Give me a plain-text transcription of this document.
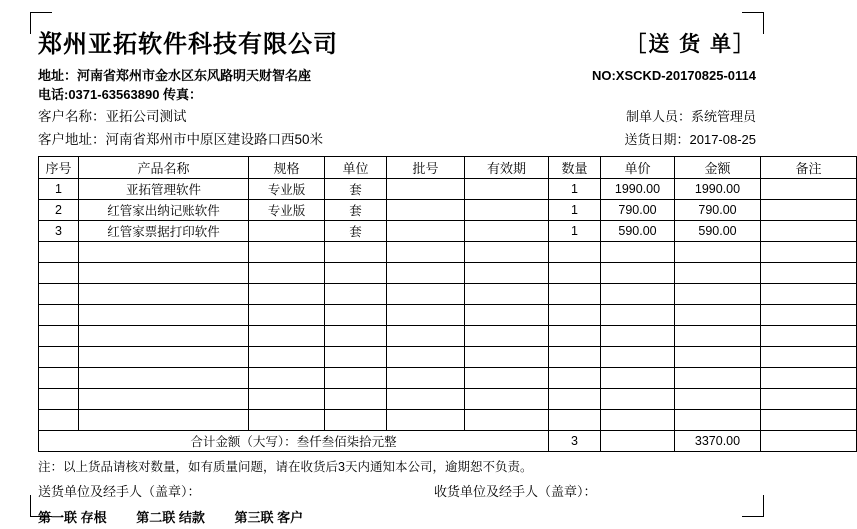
郑州亚拓软件科技有限公司	［送 货 单］
地址：河南省郑州市金水区东风路明天财智名座	NO:XSCKD-20170825-0114
电话:0371-63563890 传真：
客户名称：亚拓公司测试	制单人员：系统管理员
客户地址：河南省郑州市中原区建设路口西50米	送货日期：2017-08-25
序号	产品名称	规格	单位	批号	有效期	数量	单价	金额	备注
1	亚拓管理软件	专业版	套			1	1990.00	1990.00	
2	红管家出纳记账软件	专业版	套			1	790.00	790.00	
3	红管家票据打印软件		套			1	590.00	590.00	

合计金额（大写）：叁仟叁佰柒拾元整						3		3370.00	
注：以上货品请核对数量，如有质量问题，请在收货后3天内通知本公司，逾期恕不负责。
送货单位及经手人（盖章）：	收货单位及经手人（盖章）：
第一联 存根 第二联 结款 第三联 客户
